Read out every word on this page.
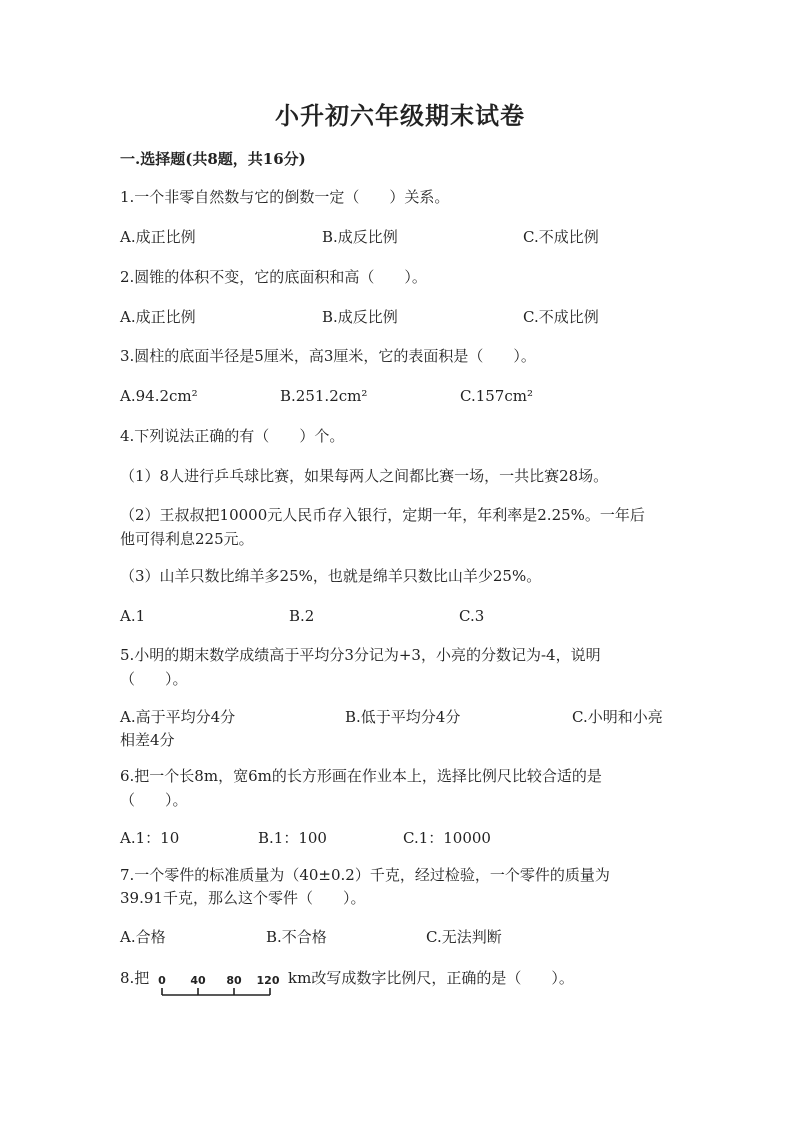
小升初六年级期末试卷
一.选择题(共8题，共16分)
1.一个非零自然数与它的倒数一定（　　）关系。
A.成正比例	B.成反比例	C.不成比例
2.圆锥的体积不变，它的底面积和高（　　）。
A.成正比例	B.成反比例	C.不成比例
3.圆柱的底面半径是5厘米，高3厘米，它的表面积是（　　）。
A.94.2cm²	B.251.2cm²	C.157cm²
4.下列说法正确的有（　　）个。
（1）8人进行乒乓球比赛，如果每两人之间都比赛一场，一共比赛28场。
（2）王叔叔把10000元人民币存入银行，定期一年，年利率是2.25%。一年后
他可得利息225元。
（3）山羊只数比绵羊多25%，也就是绵羊只数比山羊少25%。
A.1	B.2	C.3
5.小明的期末数学成绩高于平均分3分记为+3，小亮的分数记为-4，说明
（　　）。
A.高于平均分4分	B.低于平均分4分	C.小明和小亮
相差4分
6.把一个长8m，宽6m的长方形画在作业本上，选择比例尺比较合适的是
（　　）。
A.1：10	B.1：100	C.1：10000
7.一个零件的标准质量为（40±0.2）千克，经过检验，一个零件的质量为
39.91千克，那么这个零件（　　）。
A.合格	B.不合格	C.无法判断
8.把 0 40 80 120 km改写成数字比例尺，正确的是（　　）。
